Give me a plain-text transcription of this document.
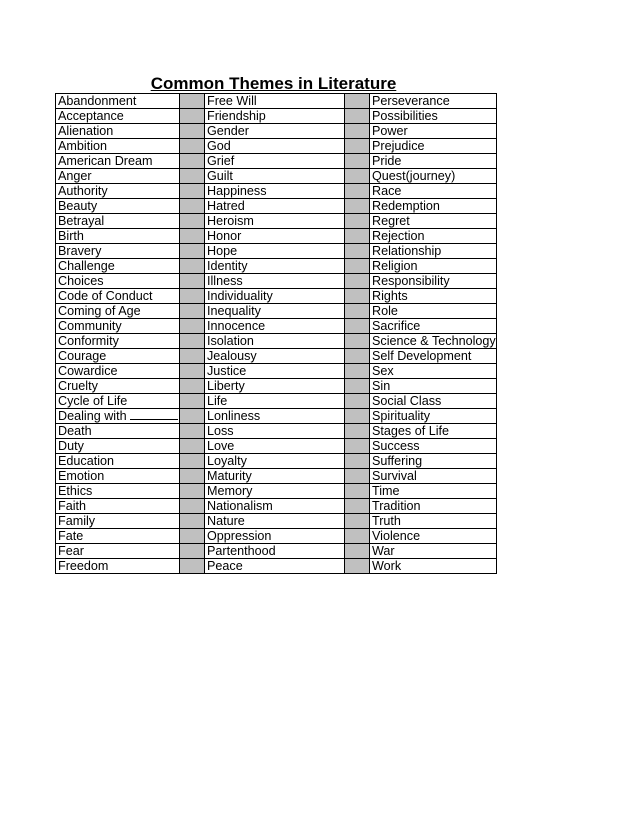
Common Themes in Literature
Abandonment		Free Will		Perseverance
Acceptance		Friendship		Possibilities
Alienation		Gender		Power
Ambition		God		Prejudice
American Dream		Grief		Pride
Anger		Guilt		Quest(journey)
Authority		Happiness		Race
Beauty		Hatred		Redemption
Betrayal		Heroism		Regret
Birth		Honor		Rejection
Bravery		Hope		Relationship
Challenge		Identity		Religion
Choices		Illness		Responsibility
Code of Conduct		Individuality		Rights
Coming of Age		Inequality		Role
Community		Innocence		Sacrifice
Conformity		Isolation		Science & Technology
Courage		Jealousy		Self Development
Cowardice		Justice		Sex
Cruelty		Liberty		Sin
Cycle of Life		Life		Social Class
Dealing with		Lonliness		Spirituality
Death		Loss		Stages of Life
Duty		Love		Success
Education		Loyalty		Suffering
Emotion		Maturity		Survival
Ethics		Memory		Time
Faith		Nationalism		Tradition
Family		Nature		Truth
Fate		Oppression		Violence
Fear		Partenthood		War
Freedom		Peace		Work
